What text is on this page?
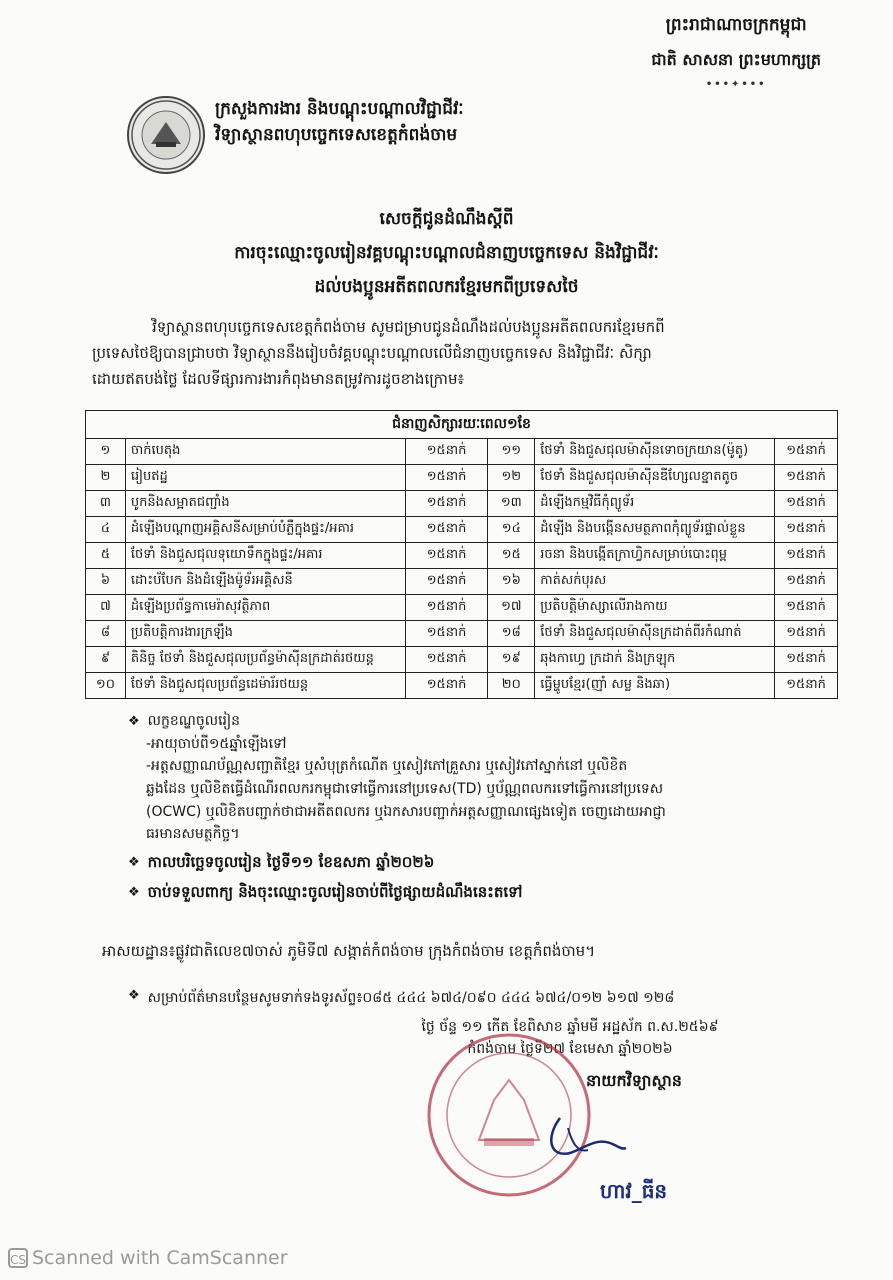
ព្រះរាជាណាចក្រកម្ពុជា
ជាតិ សាសនា ព្រះមហាក្សត្រ
•••✦•••
ក្រសួងការងារ និងបណ្តុះបណ្តាលវិជ្ជាជីវៈ
វិទ្យាស្ថានពហុបច្ចេកទេសខេត្តកំពង់ចាម
សេចក្តីជូនដំណឹងស្តីពី
ការចុះឈ្មោះចូលរៀនវគ្គបណ្តុះបណ្តាលជំនាញបច្ចេកទេស និងវិជ្ជាជីវៈ
ដល់បងប្អូនអតីតពលករខ្មែរមកពីប្រទេសថៃ
វិទ្យាស្ថានពហុបច្ចេកទេសខេត្តកំពង់ចាម សូមជម្រាបជូនដំណឹងដល់បងប្អូនអតីតពលករខ្មែរមកពី
ប្រទេសថៃឱ្យបានជ្រាបថា វិទ្យាស្ថាននឹងរៀបចំវគ្គបណ្តុះបណ្តាលលើជំនាញបច្ចេកទេស និងវិជ្ជាជីវៈ សិក្សា
ដោយឥតបង់ថ្លៃ ដែលទីផ្សារការងារកំពុងមានតម្រូវការដូចខាងក្រោម៖
ជំនាញសិក្សារយៈពេល១ខែ					
១	ចាក់បេតុង	១៥នាក់	១១	ថែទាំ និងជួសជុលម៉ាស៊ីនទោចក្រយាន(ម៉ូតូ)	១៥នាក់
២	រៀបឥដ្ឋ	១៥នាក់	១២	ថែទាំ និងជួសជុលម៉ាស៊ីនឌីហ្សែលខ្នាតតូច	១៥នាក់
៣	បូកនិងសម្អាតជញ្ជាំង	១៥នាក់	១៣	ដំឡើងកម្មវិធីកុំព្យូទ័រ	១៥នាក់
៤	ដំឡើងបណ្តាញអគ្គិសនីសម្រាប់បំភ្លឺក្នុងផ្ទះ/អគារ	១៥នាក់	១៤	ដំឡើង និងបង្កើនសមត្ថភាពកុំព្យូទ័រផ្ទាល់ខ្លួន	១៥នាក់
៥	ថែទាំ និងជួសជុលទុយោទឹកក្នុងផ្ទះ/អគារ	១៥នាក់	១៥	រចនា និងបង្កើតក្រាហ្វិកសម្រាប់បោះពុម្ព	១៥នាក់
៦	ដោះប័បែក និងដំឡើងម៉ូទ័រអគ្គិសនី	១៥នាក់	១៦	កាត់សក់បុរស	១៥នាក់
៧	ដំឡើងប្រព័ន្ធកាមេរ៉ាសុវត្ថិភាព	១៥នាក់	១៧	ប្រតិបត្តិម៉ាស្សាលើរាងកាយ	១៥នាក់
៨	ប្រតិបត្តិការងារក្រឡឹង	១៥នាក់	១៨	ថែទាំ និងជួសជុលម៉ាស៊ីនក្រដាត់ពីរកំណាត់	១៥នាក់
៩	តិនិច្ច ថែទាំ និងជួសជុលប្រព័ន្ធម៉ាស៊ីនក្រដាត់រថយន្ត	១៥នាក់	១៩	ឆុងកាហ្វេ ក្រដាក់ និងក្រឡុក	១៥នាក់
១០	ថែទាំ និងជួសជុលប្រព័ន្ធដេម៉ារ័រថយន្ត	១៥នាក់	២០	ធ្វើម្ហូបខ្មែរ(ញាំ សម្ល និងឆា)	១៥នាក់
❖ លក្ខខណ្ឌចូលរៀន
-អាយុចាប់ពី១៥ឆ្នាំឡើងទៅ
-អត្តសញ្ញាណប័ណ្ណសញ្ជាតិខ្មែរ ឬសំបុត្រកំណើត ឬសៀវភៅគ្រួសារ ឬសៀវភៅស្នាក់នៅ ឬលិខិត
ឆ្លងដែន ឬលិខិតធ្វើដំណើរពលករកម្ពុជាទៅធ្វើការនៅប្រទេស(TD) ឬប័ណ្ណពលករទៅធ្វើការនៅប្រទេស
(OCWC) ឬលិខិតបញ្ជាក់ថាជាអតីតពលករ ឬឯកសារបញ្ជាក់អត្តសញ្ញាណផ្សេងទៀត ចេញដោយអាជ្ញា
ធរមានសមត្ថកិច្ច។
❖ កាលបរិច្ឆេទចូលរៀន ថ្ងៃទី១១ ខែឧសភា ឆ្នាំ២០២៦
❖ ចាប់ទទួលពាក្យ និងចុះឈ្មោះចូលរៀនចាប់ពីថ្ងៃផ្សាយដំណឹងនេះតទៅ
អាសយដ្ឋាន៖ផ្លូវជាតិលេខ៧ចាស់ ភូមិទី៧ សង្កាត់កំពង់ចាម ក្រុងកំពង់ចាម ខេត្តកំពង់ចាម។
❖ សម្រាប់ព័ត៌មានបន្ថែមសូមទាក់ទងទូរស័ព្ទ៖០៨៥ ៤៤៤ ៦៧៤/០៩០ ៤៤៤ ៦៧៤/០១២ ៦១៧ ១២៨
ថ្ងៃ ច័ន្ទ ១១ កើត ខែពិសាខ ឆ្នាំមមី អដ្ឋស័ក ព.ស.២៥៦៩
កំពង់ចាម ថ្ងៃទី២៧ ខែមេសា ឆ្នាំ២០២៦
នាយកវិទ្យាស្ថាន
ហាវ_ធីន
CS Scanned with CamScanner
